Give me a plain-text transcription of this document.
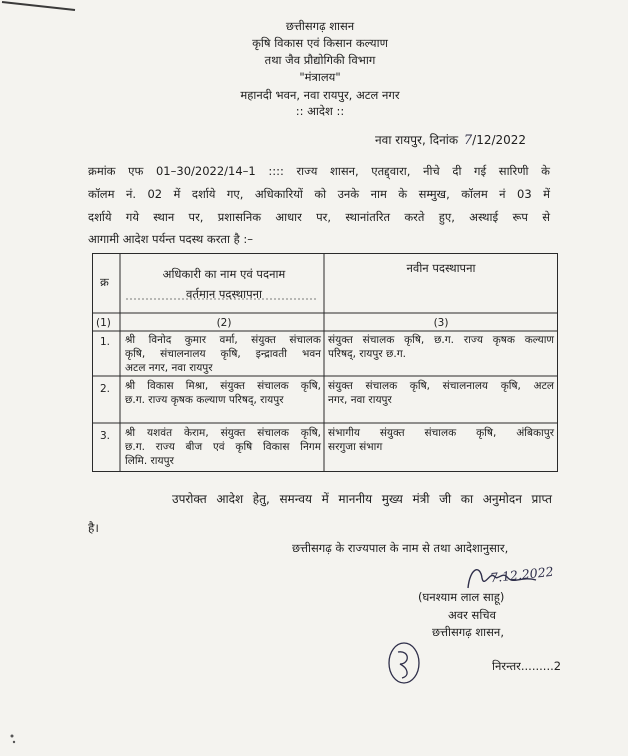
छत्तीसगढ़ शासन
कृषि विकास एवं किसान कल्याण
तथा जैव प्रौद्योगिकी विभाग
"मंत्रालय"
महानदी भवन, नवा रायपुर, अटल नगर
:: आदेश ::
नवा रायपुर, दिनांक 7/12/2022
क्रमांक एफ 01–30/2022/14–1 :::: राज्य शासन, एतद्द्वारा, नीचे दी गई सारिणी के
कॉलम नं. 02 में दर्शाये गए, अधिकारियों को उनके नाम के सम्मुख, कॉलम नं 03 में
दर्शाये गये स्थान पर, प्रशासनिक आधार पर, स्थानांतरित करते हुए, अस्थाई रूप से
आगामी आदेश पर्यन्त पदस्थ करता है :–
क्र
अधिकारी का नाम एवं पदनाम
वर्तमान पदस्थापना
नवीन पदस्थापना
(1)	(2)	(3)
1. श्री विनोद कुमार वर्मा, संयुक्त संचालक
कृषि, संचालनालय कृषि, इन्द्रावती भवन
अटल नगर, नवा रायपुर
संयुक्त संचालक कृषि, छ.ग. राज्य कृषक कल्याण
परिषद्, रायपुर छ.ग.
2. श्री विकास मिश्रा, संयुक्त संचालक कृषि,
छ.ग. राज्य कृषक कल्याण परिषद्, रायपुर
संयुक्त संचालक कृषि, संचालनालय कृषि, अटल
नगर, नवा रायपुर
3. श्री यशवंत केराम, संयुक्त संचालक कृषि,
छ.ग. राज्य बीज एवं कृषि विकास निगम
लिमि. रायपुर
संभागीय संयुक्त संचालक कृषि, अंबिकापुर
सरगुजा संभाग
उपरोक्त आदेश हेतु, समन्वय में माननीय मुख्य मंत्री जी का अनुमोदन प्राप्त
है।
छत्तीसगढ़ के राज्यपाल के नाम से तथा आदेशानुसार,
7.12.2022
(घनश्याम लाल साहू)
अवर सचिव
छत्तीसगढ़ शासन,
निरन्तर.........2
